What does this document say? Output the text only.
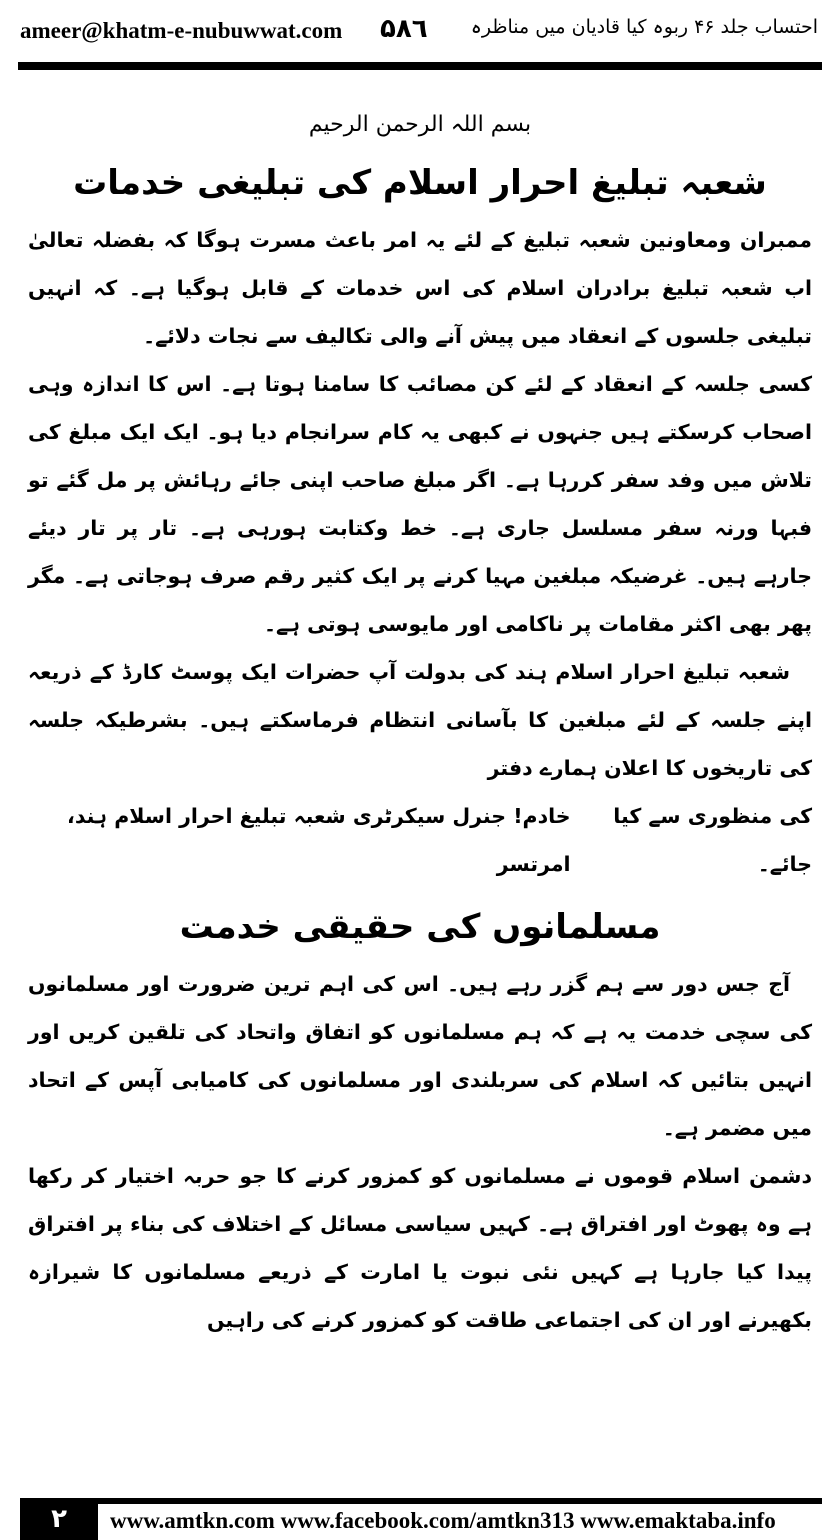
ameer@khatm-e-nubuwwat.com ۵۸٦ احتساب جلد ۴۶ ربوہ کیا قادیان میں مناظرہ
بسم اللہ الرحمن الرحیم
شعبہ تبلیغ احرار اسلام کی تبلیغی خدمات

ممبران ومعاونین شعبہ تبلیغ کے لئے یہ امر باعث مسرت ہوگا کہ بفضلہ تعالیٰ اب شعبہ تبلیغ برادران اسلام کی اس خدمات کے قابل ہوگیا ہے۔ کہ انہیں تبلیغی جلسوں کے انعقاد میں پیش آنے والی تکالیف سے نجات دلائے۔

کسی جلسہ کے انعقاد کے لئے کن مصائب کا سامنا ہوتا ہے۔ اس کا اندازہ وہی اصحاب کرسکتے ہیں جنہوں نے کبھی یہ کام سرانجام دیا ہو۔ ایک ایک مبلغ کی تلاش میں وفد سفر کررہا ہے۔ اگر مبلغ صاحب اپنی جائے رہائش پر مل گئے تو فبہا ورنہ سفر مسلسل جاری ہے۔ خط وکتابت ہورہی ہے۔ تار پر تار دیئے جارہے ہیں۔ غرضیکہ مبلغین مہیا کرنے پر ایک کثیر رقم صرف ہوجاتی ہے۔ مگر پھر بھی اکثر مقامات پر ناکامی اور مایوسی ہوتی ہے۔

شعبہ تبلیغ احرار اسلام ہند کی بدولت آپ حضرات ایک پوسٹ کارڈ کے ذریعہ اپنے جلسہ کے لئے مبلغین کا بآسانی انتظام فرماسکتے ہیں۔ بشرطیکہ جلسہ کی تاریخوں کا اعلان ہمارے دفتر

کی منظوری سے کیا جائے۔
خادم! جنرل سیکرٹری شعبہ تبلیغ احرار اسلام ہند، امرتسر
مسلمانوں کی حقیقی خدمت

آج جس دور سے ہم گزر رہے ہیں۔ اس کی اہم ترین ضرورت اور مسلمانوں کی سچی خدمت یہ ہے کہ ہم مسلمانوں کو اتفاق واتحاد کی تلقین کریں اور انہیں بتائیں کہ اسلام کی سربلندی اور مسلمانوں کی کامیابی آپس کے اتحاد میں مضمر ہے۔

دشمن اسلام قوموں نے مسلمانوں کو کمزور کرنے کا جو حربہ اختیار کر رکھا ہے وہ پھوٹ اور افتراق ہے۔ کہیں سیاسی مسائل کے اختلاف کی بناء پر افتراق پیدا کیا جارہا ہے کہیں نئی نبوت یا امارت کے ذریعے مسلمانوں کا شیرازہ بکھیرنے اور ان کی اجتماعی طاقت کو کمزور کرنے کی راہیں

۲	www.amtkn.com www.facebook.com/amtkn313 www.emaktaba.info
